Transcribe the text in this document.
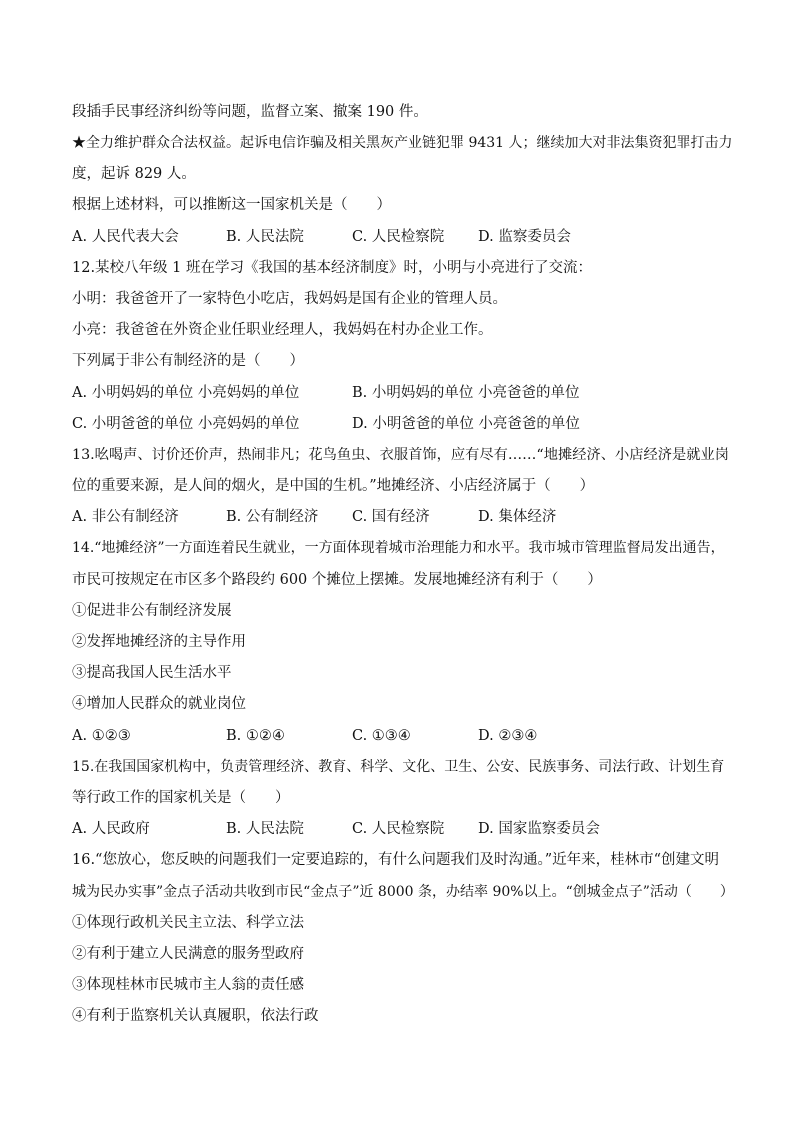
段插手民事经济纠纷等问题，监督立案、撤案 190 件。
★全力维护群众合法权益。起诉电信诈骗及相关黑灰产业链犯罪 9431 人；继续加大对非法集资犯罪打击力
度，起诉 829 人。
根据上述材料，可以推断这一国家机关是（　　）
A. 人民代表大会	B. 人民法院	C. 人民检察院 D. 监察委员会
12.某校八年级 1 班在学习《我国的基本经济制度》时，小明与小亮进行了交流：
小明：我爸爸开了一家特色小吃店，我妈妈是国有企业的管理人员。
小亮：我爸爸在外资企业任职业经理人，我妈妈在村办企业工作。
下列属于非公有制经济的是（　　）
A. 小明妈妈的单位 小亮妈妈的单位	B. 小明妈妈的单位 小亮爸爸的单位
C. 小明爸爸的单位 小亮妈妈的单位	D. 小明爸爸的单位 小亮爸爸的单位
13.吆喝声、讨价还价声，热闹非凡；花鸟鱼虫、衣服首饰，应有尽有……“地摊经济、小店经济是就业岗
位的重要来源，是人间的烟火，是中国的生机。”地摊经济、小店经济属于（　　）
A. 非公有制经济	B. 公有制经济 C. 国有经济	D. 集体经济
14.“地摊经济”一方面连着民生就业，一方面体现着城市治理能力和水平。我市城市管理监督局发出通告，
市民可按规定在市区多个路段约 600 个摊位上摆摊。发展地摊经济有利于（　　）
①促进非公有制经济发展
②发挥地摊经济的主导作用
③提高我国人民生活水平
④增加人民群众的就业岗位
A. ①②③	B. ①②④	C. ①③④	D. ②③④
15.在我国国家机构中，负责管理经济、教育、科学、文化、卫生、公安、民族事务、司法行政、计划生育
等行政工作的国家机关是（　　）
A. 人民政府	B. 人民法院	C. 人民检察院 D. 国家监察委员会
16.“您放心，您反映的问题我们一定要追踪的，有什么问题我们及时沟通。”近年来，桂林市“创建文明
城为民办实事”金点子活动共收到市民“金点子”近 8000 条，办结率 90%以上。“创城金点子”活动（　　）
①体现行政机关民主立法、科学立法
②有利于建立人民满意的服务型政府
③体现桂林市民城市主人翁的责任感
④有利于监察机关认真履职，依法行政
